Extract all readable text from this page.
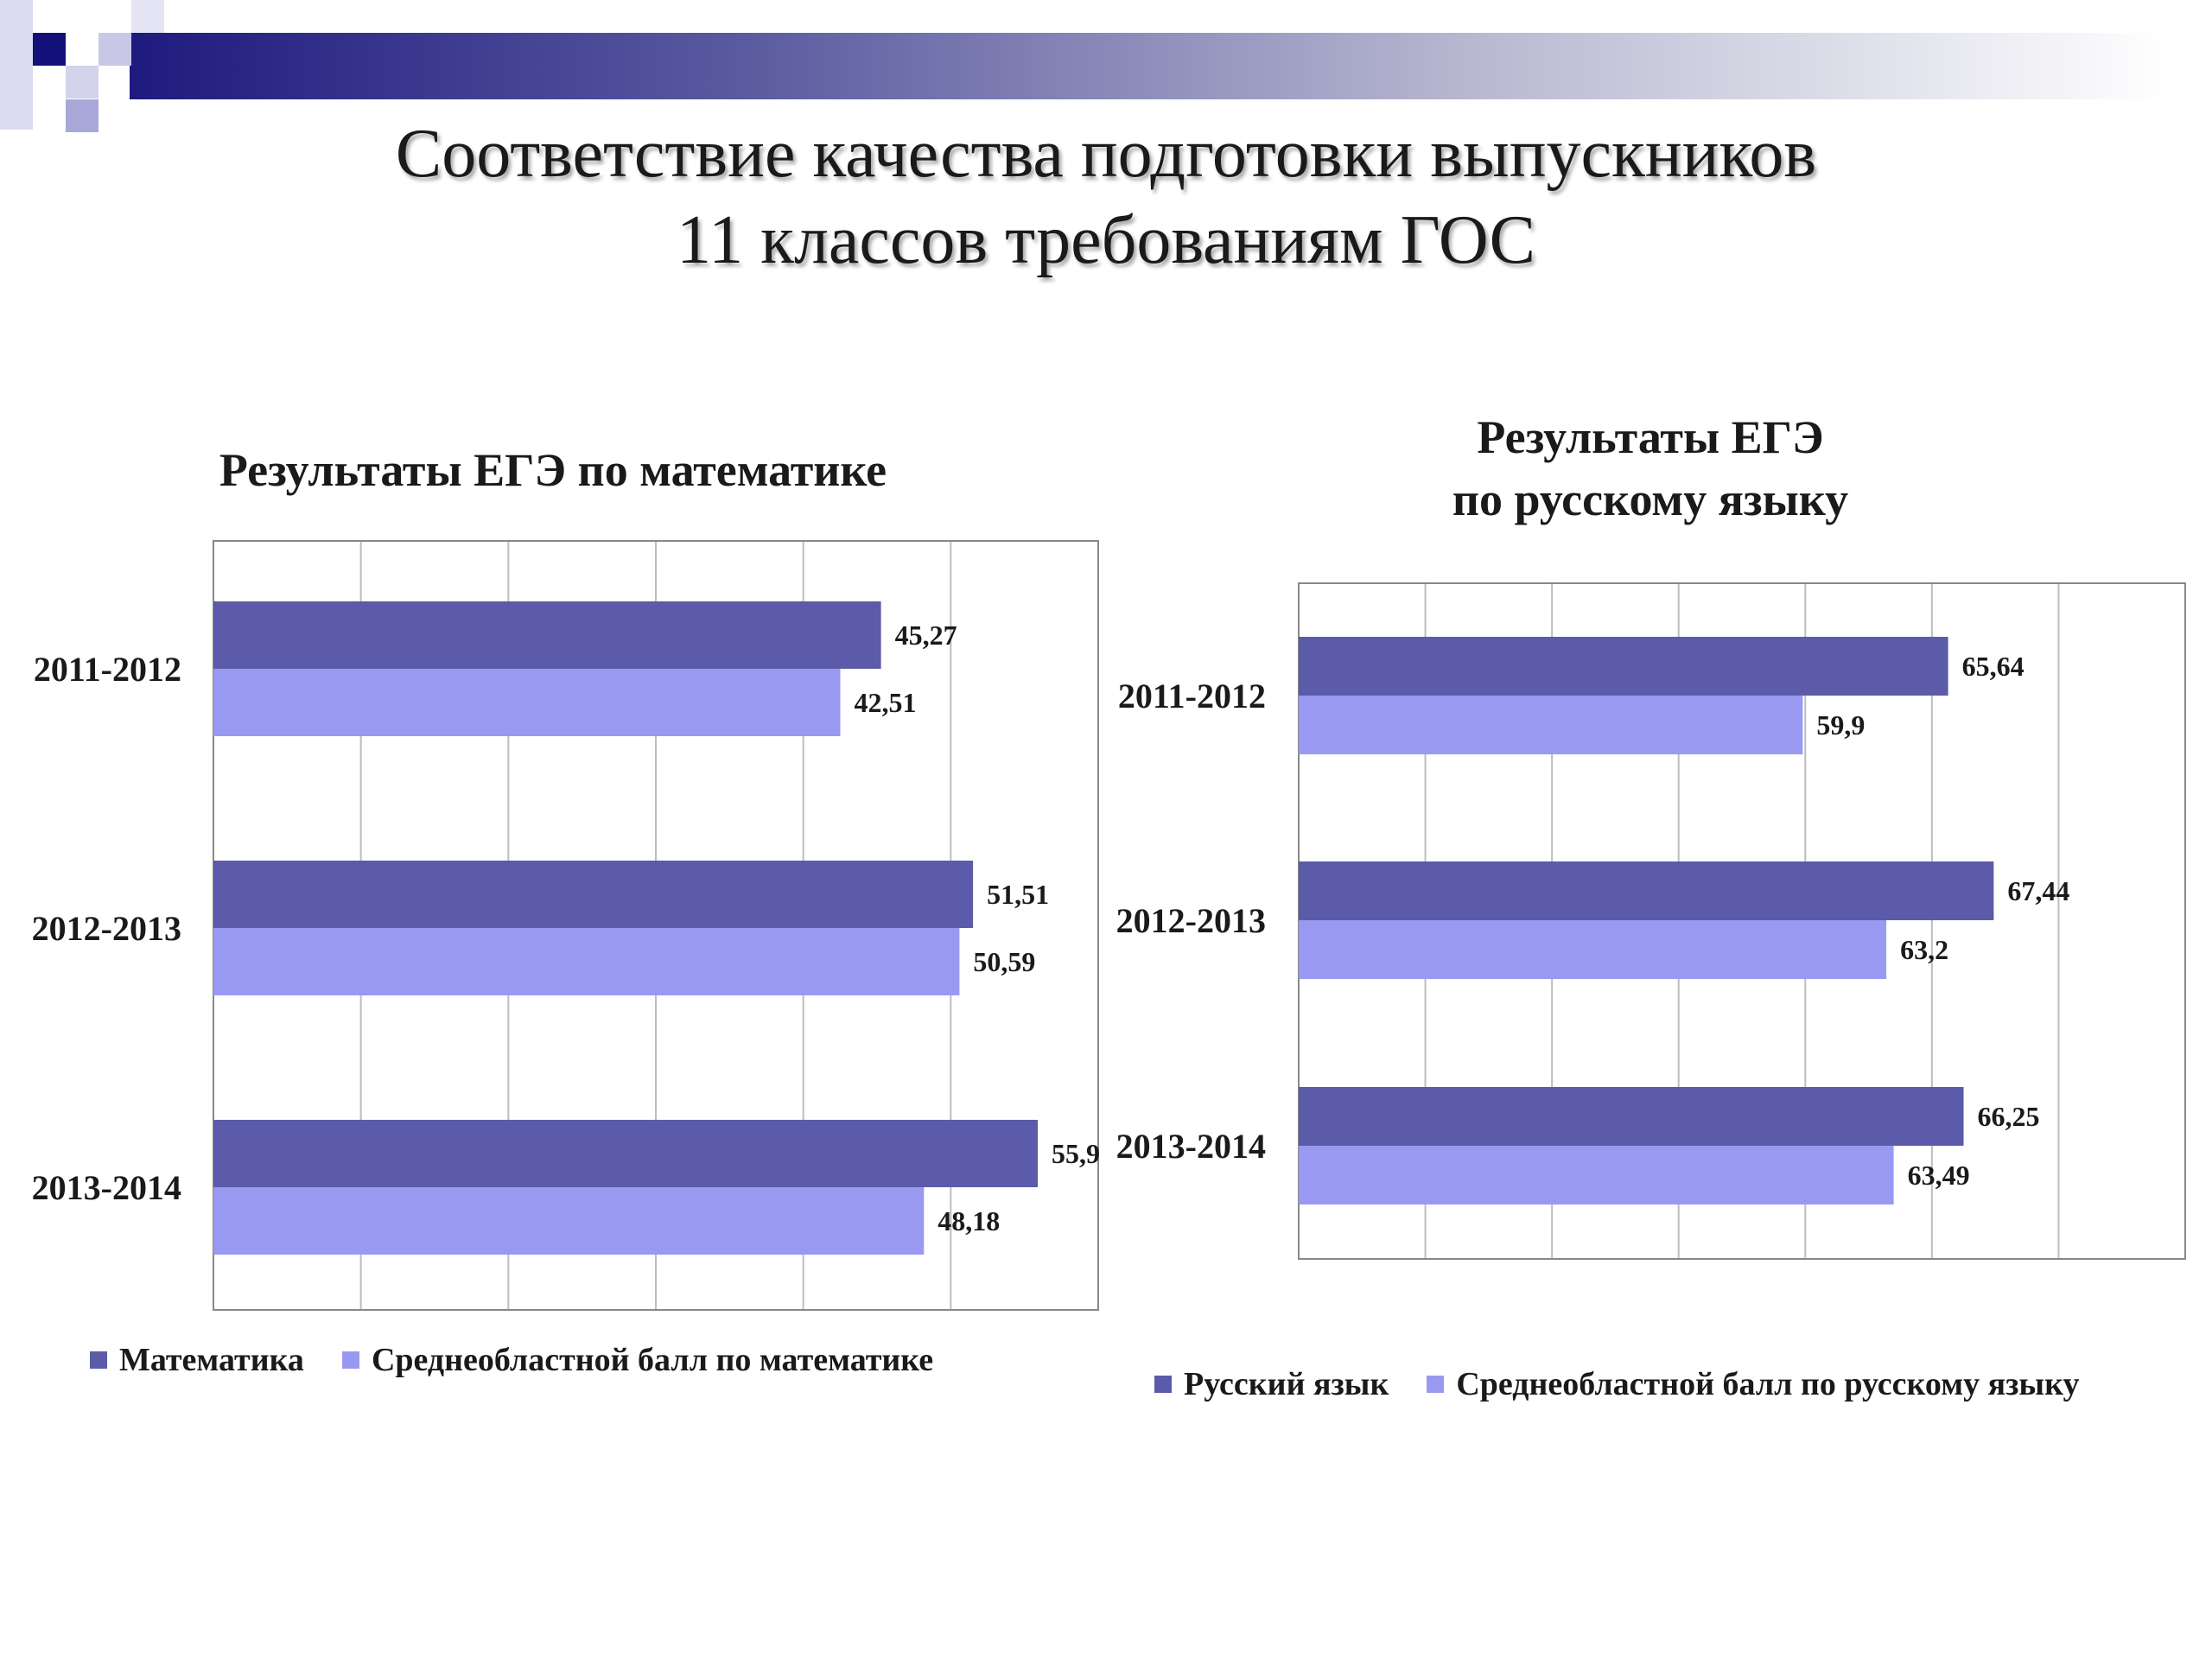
Соответствие качества подготовки выпускников
11 классов требованиям ГОС
Результаты ЕГЭ по математике
Результаты ЕГЭ
по русскому языку
45,27
42,51
2011-2012
51,51
50,59
2012-2013
55,9
48,18
2013-2014
65,64
59,9
2011-2012
67,44
63,2
2012-2013
66,25
63,49
2013-2014
Математика Среднеобластной балл по математике
Русский язык Среднеобластной балл по русскому языку
